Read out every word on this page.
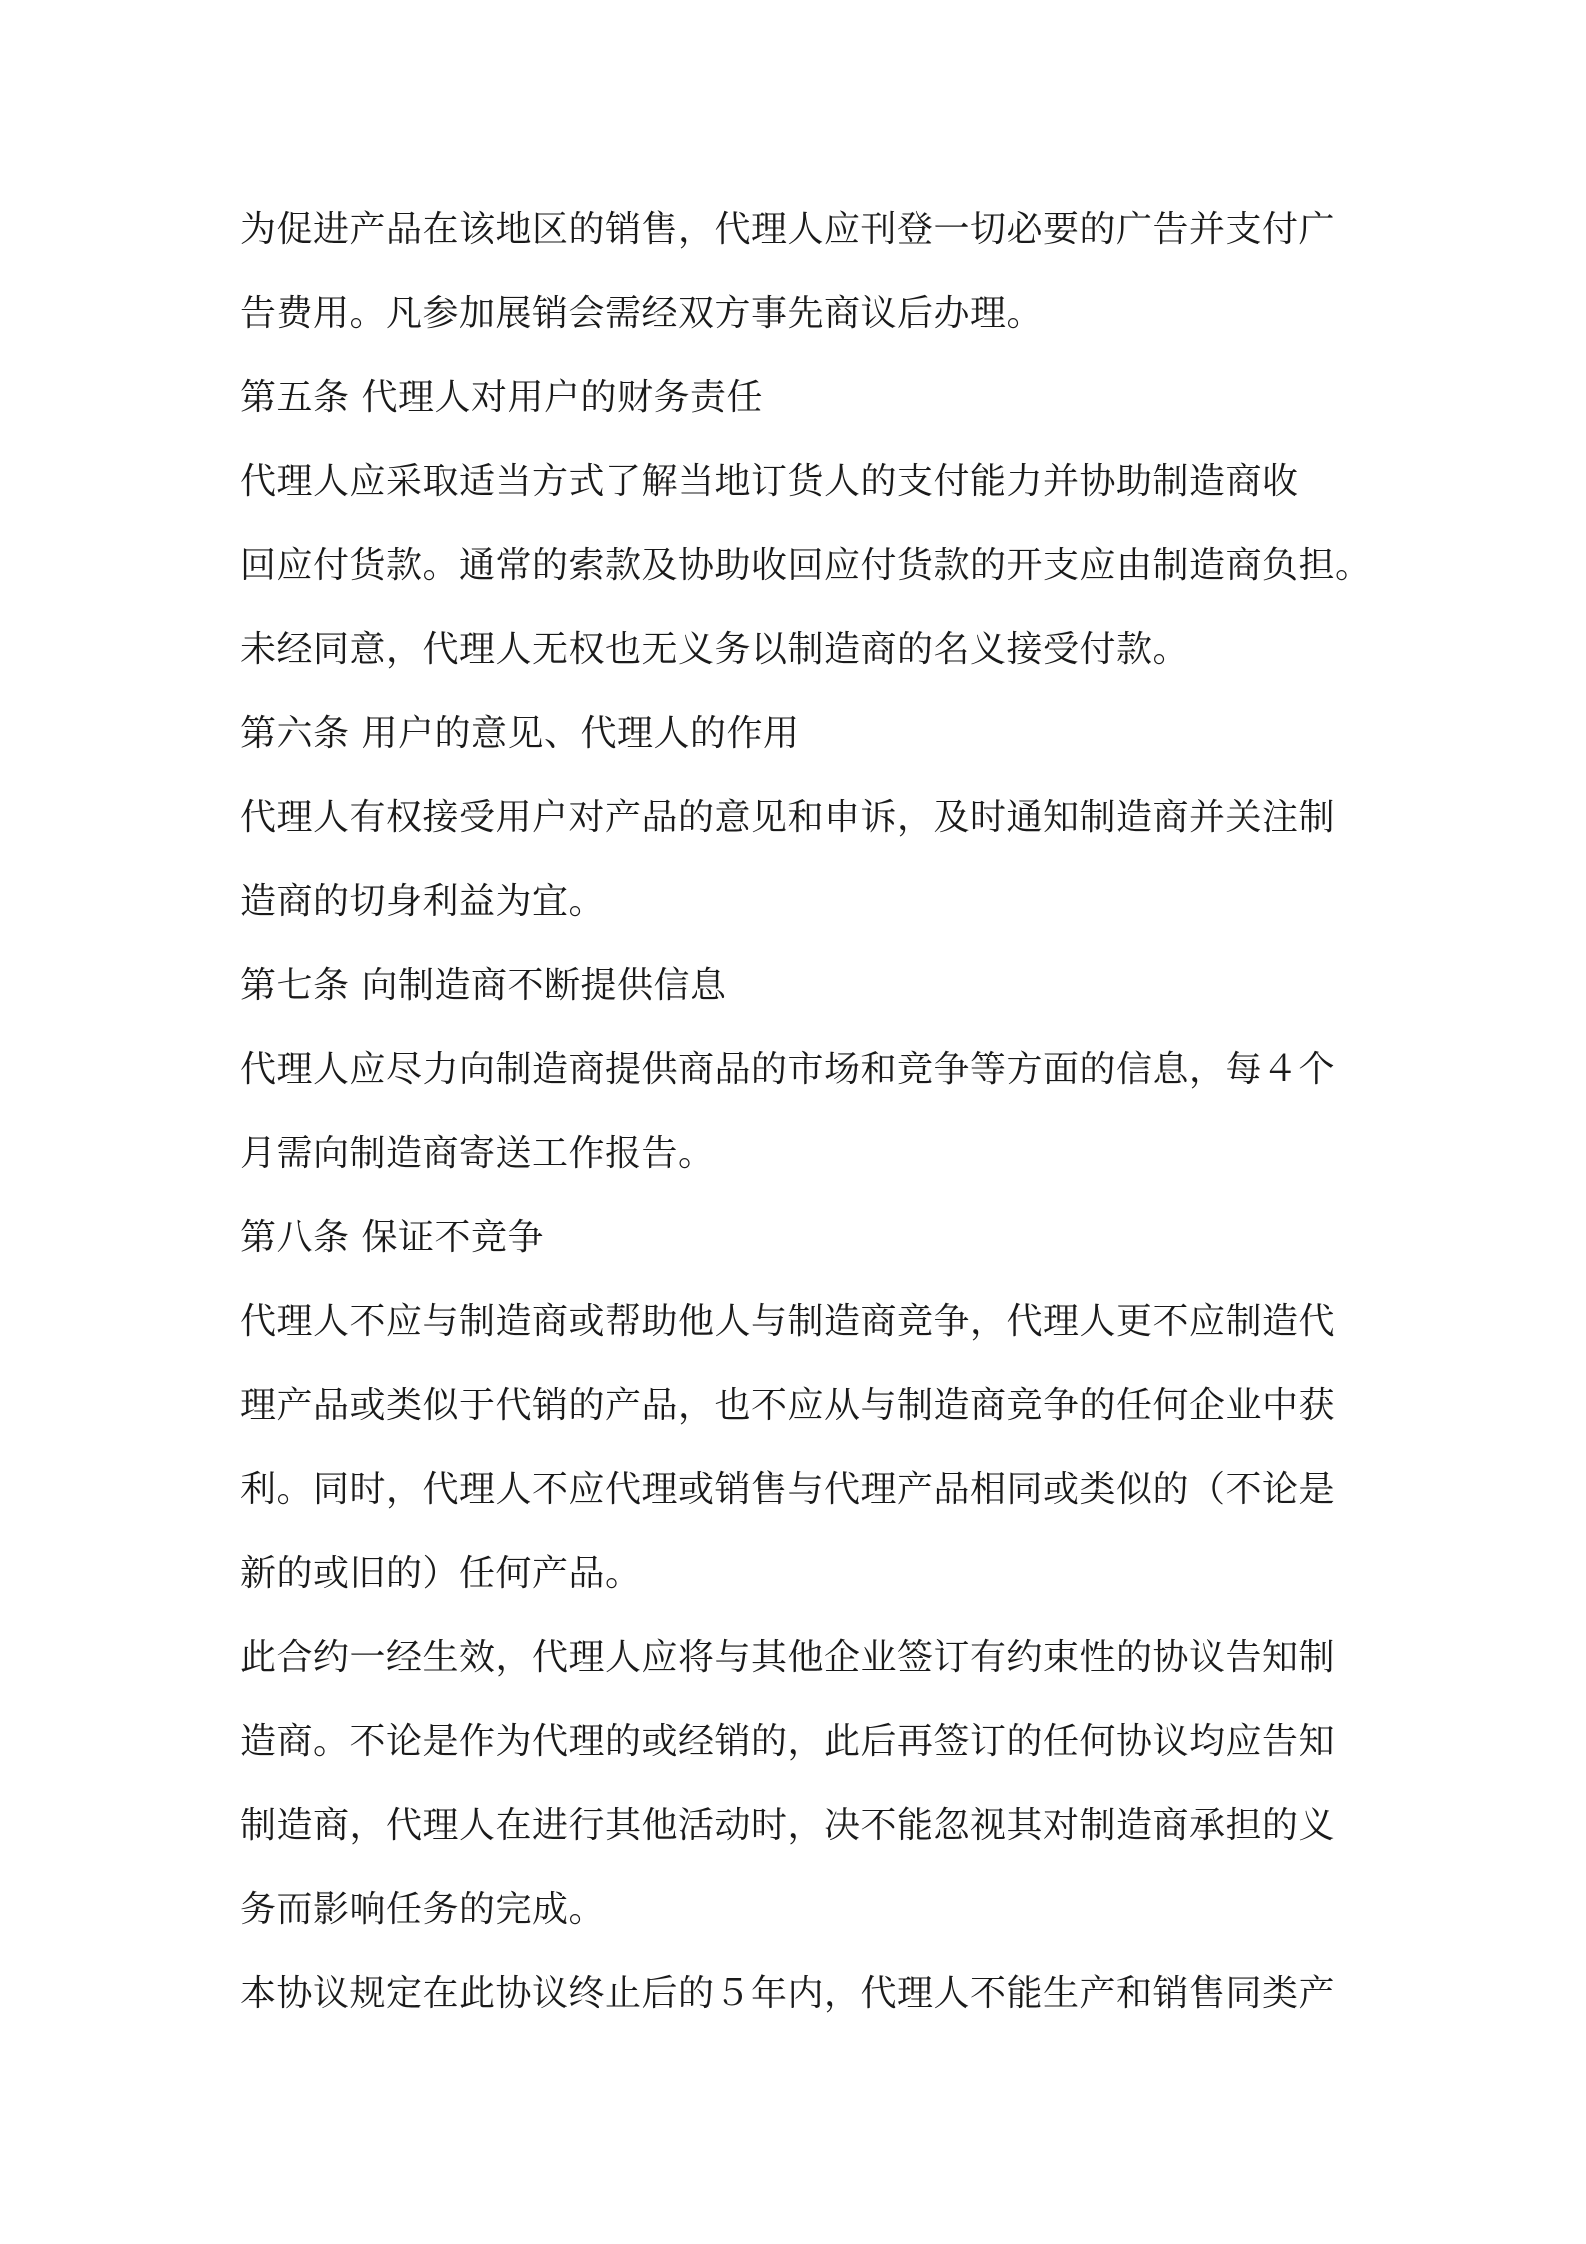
为促进产品在该地区的销售，代理人应刊登一切必要的广告并支付广
告费用。凡参加展销会需经双方事先商议后办理。
第五条 代理人对用户的财务责任
代理人应采取适当方式了解当地订货人的支付能力并协助制造商收
回应付货款。通常的索款及协助收回应付货款的开支应由制造商负担。
未经同意，代理人无权也无义务以制造商的名义接受付款。
第六条 用户的意见、代理人的作用
代理人有权接受用户对产品的意见和申诉，及时通知制造商并关注制
造商的切身利益为宜。
第七条 向制造商不断提供信息
代理人应尽力向制造商提供商品的市场和竞争等方面的信息，每４个
月需向制造商寄送工作报告。
第八条 保证不竞争
代理人不应与制造商或帮助他人与制造商竞争，代理人更不应制造代
理产品或类似于代销的产品，也不应从与制造商竞争的任何企业中获
利。同时，代理人不应代理或销售与代理产品相同或类似的（不论是
新的或旧的）任何产品。
此合约一经生效，代理人应将与其他企业签订有约束性的协议告知制
造商。不论是作为代理的或经销的，此后再签订的任何协议均应告知
制造商，代理人在进行其他活动时，决不能忽视其对制造商承担的义
务而影响任务的完成。
本协议规定在此协议终止后的５年内，代理人不能生产和销售同类产
